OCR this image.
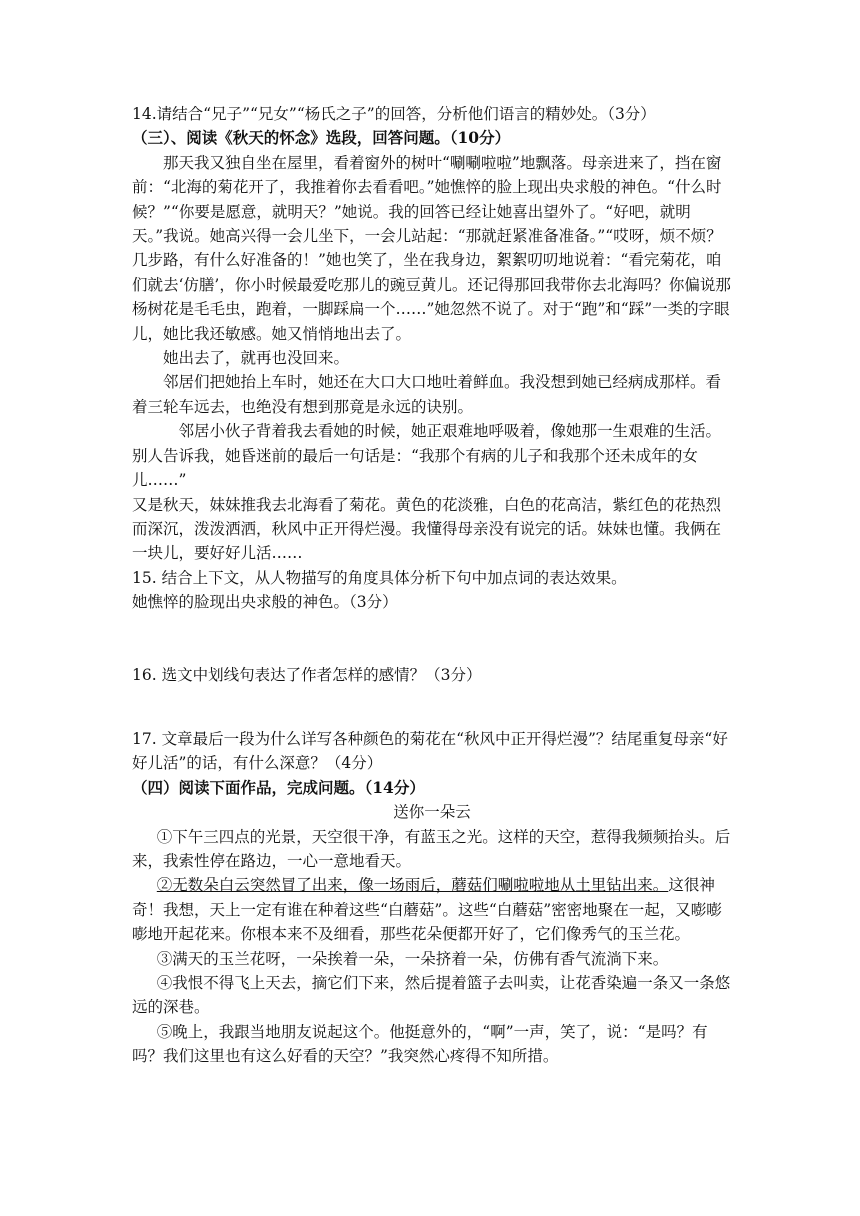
14.请结合“兄子”“兄女”“杨氏之子”的回答，分析他们语言的精妙处。（3分）

（三）、阅读《秋天的怀念》选段，回答问题。（10分）

那天我又独自坐在屋里，看着窗外的树叶“唰唰啦啦”地飘落。母亲进来了，挡在窗前：“北海的菊花开了，我推着你去看看吧。”她憔悴的脸上现出央求般的神色。“什么时候？”“你要是愿意，就明天？”她说。我的回答已经让她喜出望外了。“好吧，就明天。”我说。她高兴得一会儿坐下，一会儿站起：“那就赶紧准备准备。”“哎呀，烦不烦？几步路，有什么好准备的！”她也笑了，坐在我身边，絮絮叨叨地说着：“看完菊花，咱们就去‘仿膳’，你小时候最爱吃那儿的豌豆黄儿。还记得那回我带你去北海吗？你偏说那杨树花是毛毛虫，跑着，一脚踩扁一个……”她忽然不说了。对于“跑”和“踩”一类的字眼儿，她比我还敏感。她又悄悄地出去了。

她出去了，就再也没回来。

邻居们把她抬上车时，她还在大口大口地吐着鲜血。我没想到她已经病成那样。看着三轮车远去，也绝没有想到那竟是永远的诀别。

邻居小伙子背着我去看她的时候，她正艰难地呼吸着，像她那一生艰难的生活。别人告诉我，她昏迷前的最后一句话是：“我那个有病的儿子和我那个还未成年的女儿……”

又是秋天，妹妹推我去北海看了菊花。黄色的花淡雅，白色的花高洁，紫红色的花热烈而深沉，泼泼洒洒，秋风中正开得烂漫。我懂得母亲没有说完的话。妹妹也懂。我俩在一块儿，要好好儿活……

15. 结合上下文，从人物描写的角度具体分析下句中加点词的表达效果。

她憔悴的脸现出央求般的神色。（3分）

16. 选文中划线句表达了作者怎样的感情？（3分）

17. 文章最后一段为什么详写各种颜色的菊花在“秋风中正开得烂漫”？结尾重复母亲“好好儿活”的话，有什么深意？（4分）

（四）阅读下面作品，完成问题。（14分）

送你一朵云

①下午三四点的光景，天空很干净，有蓝玉之光。这样的天空，惹得我频频抬头。后来，我索性停在路边，一心一意地看天。

②无数朵白云突然冒了出来，像一场雨后，蘑菇们唰啦啦地从土里钻出来。这很神奇！我想，天上一定有谁在种着这些“白蘑菇”。这些“白蘑菇”密密地聚在一起，又嘭嘭嘭地开起花来。你根本来不及细看，那些花朵便都开好了，它们像秀气的玉兰花。

③满天的玉兰花呀，一朵挨着一朵，一朵挤着一朵，仿佛有香气流淌下来。

④我恨不得飞上天去，摘它们下来，然后提着篮子去叫卖，让花香染遍一条又一条悠远的深巷。

⑤晚上，我跟当地朋友说起这个。他挺意外的，“啊”一声，笑了，说：“是吗？有吗？我们这里也有这么好看的天空？”我突然心疼得不知所措。
